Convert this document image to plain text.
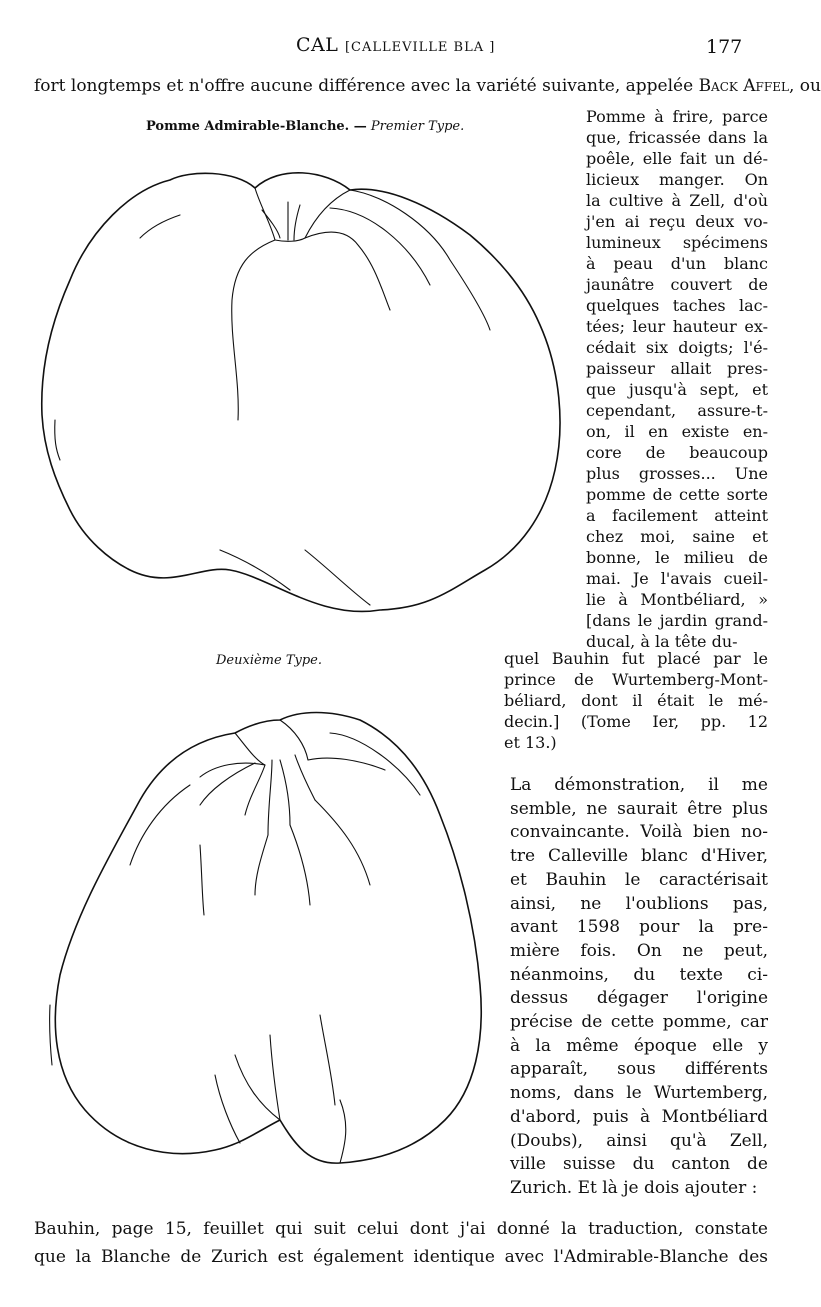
CAL [CALLEVILLE BLA ]	177
fort longtemps et n'offre aucune différence avec la variété suivante, appelée Back Affel, ou
Pomme Admirable-Blanche. — Premier Type.
Pomme à frire, parce
que, fricassée dans la
poêle, elle fait un dé-
licieux manger. On
la cultive à Zell, d'où
j'en ai reçu deux vo-
lumineux spécimens
à peau d'un blanc
jaunâtre couvert de
quelques taches lac-
tées; leur hauteur ex-
cédait six doigts; l'é-
paisseur allait pres-
que jusqu'à sept, et
cependant, assure-t-
on, il en existe en-
core de beaucoup
plus grosses... Une
pomme de cette sorte
a facilement atteint
chez moi, saine et
bonne, le milieu de
mai. Je l'avais cueil-
lie à Montbéliard, »
[dans le jardin grand-
ducal, à la tête du-
Deuxième Type.	quel Bauhin fut placé par le
prince de Wurtemberg-Mont-
béliard, dont il était le mé-
decin.] (Tome Ier, pp. 12
et 13.)
La démonstration, il me
semble, ne saurait être plus
convaincante. Voilà bien no-
tre Calleville blanc d'Hiver,
et Bauhin le caractérisait
ainsi, ne l'oublions pas,
avant 1598 pour la pre-
mière fois. On ne peut,
néanmoins, du texte ci-
dessus dégager l'origine
précise de cette pomme, car
à la même époque elle y
apparaît, sous différents
noms, dans le Wurtemberg,
d'abord, puis à Montbéliard
(Doubs), ainsi qu'à Zell,
ville suisse du canton de
Zurich. Et là je dois ajouter :
Bauhin, page 15, feuillet qui suit celui dont j'ai donné la traduction, constate
que la Blanche de Zurich est également identique avec l'Admirable-Blanche des
